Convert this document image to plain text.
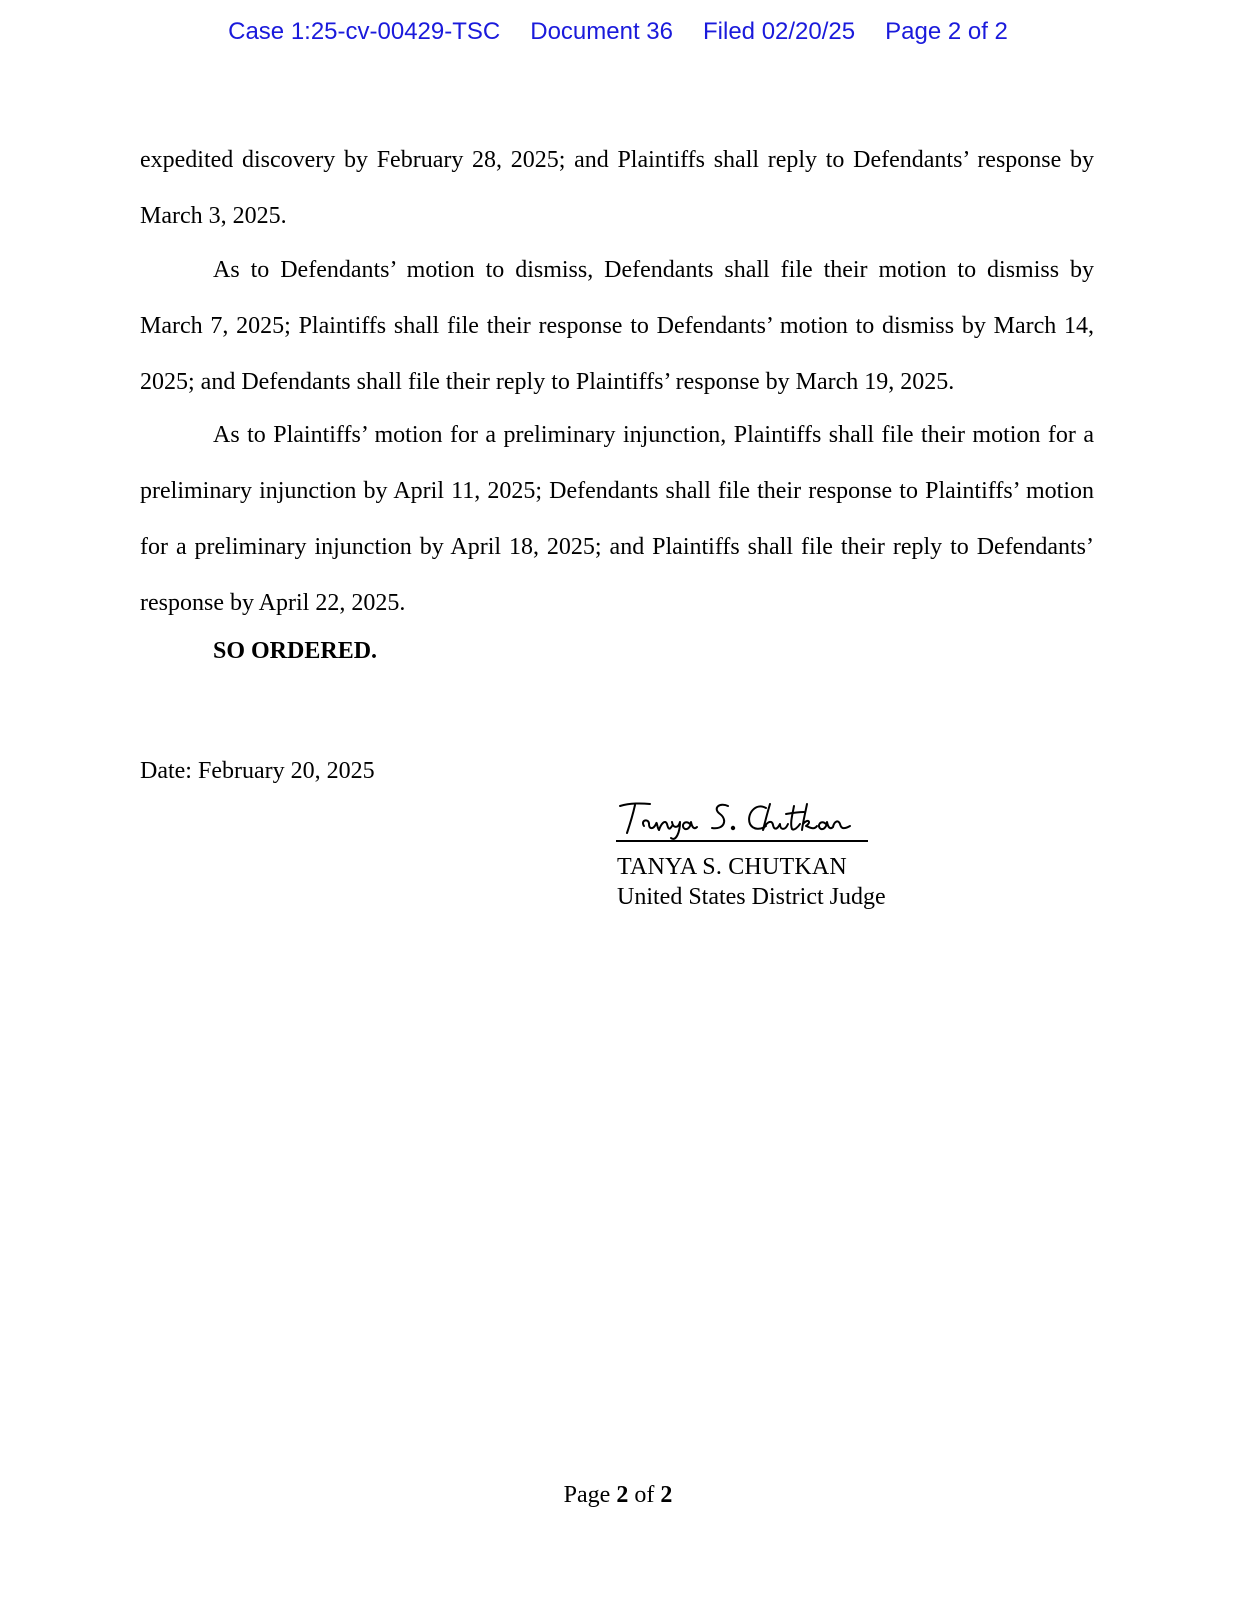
Case 1:25-cv-00429-TSC Document 36 Filed 02/20/25 Page 2 of 2

expedited discovery by February 28, 2025; and Plaintiffs shall reply to Defendants’ response by March 3, 2025.

As to Defendants’ motion to dismiss, Defendants shall file their motion to dismiss by March 7, 2025; Plaintiffs shall file their response to Defendants’ motion to dismiss by March 14, 2025; and Defendants shall file their reply to Plaintiffs’ response by March 19, 2025.

As to Plaintiffs’ motion for a preliminary injunction, Plaintiffs shall file their motion for a preliminary injunction by April 11, 2025; Defendants shall file their response to Plaintiffs’ motion for a preliminary injunction by April 18, 2025; and Plaintiffs shall file their reply to Defendants’ response by April 22, 2025.

SO ORDERED.
Date: February 20, 2025
TANYA S. CHUTKAN
United States District Judge
Page 2 of 2
